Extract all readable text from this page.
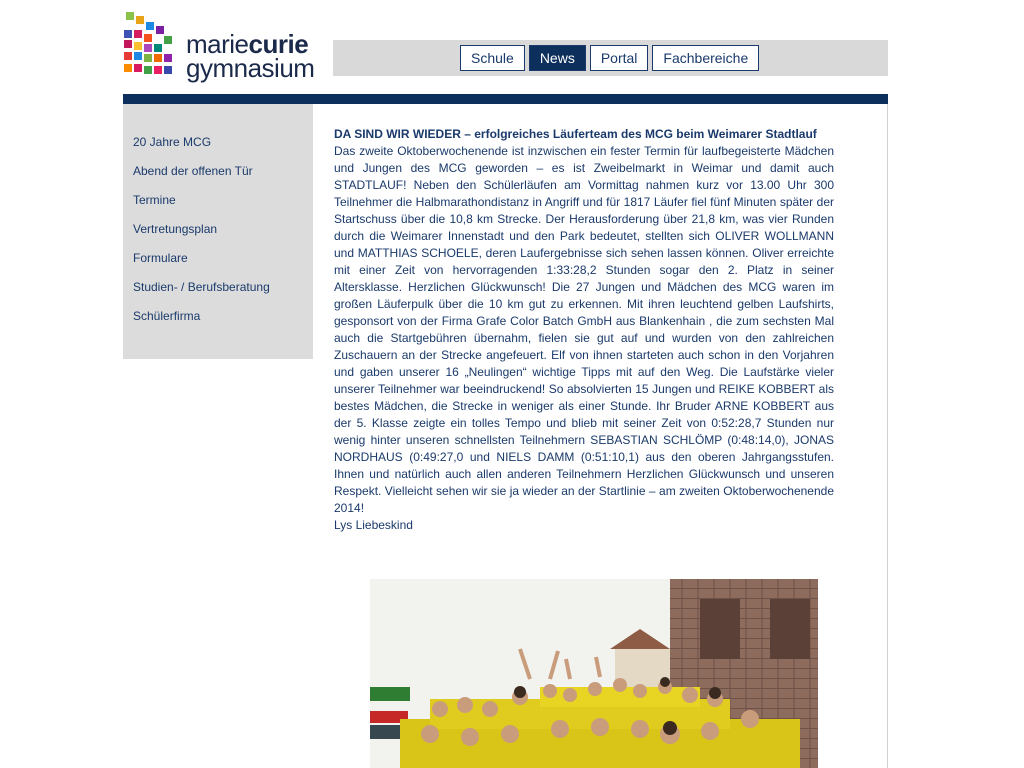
mariecurie
gymnasium	Schule	News	Portal	Fachbereiche
20 Jahre MCG
Abend der offenen Tür
Termine
Vertretungsplan
Formulare
Studien- / Berufsberatung
Schülerfirma
DA SIND WIR WIEDER – erfolgreiches Läuferteam des MCG beim Weimarer Stadtlauf

Das zweite Oktoberwochenende ist inzwischen ein fester Termin für laufbegeisterte Mädchen und Jungen des MCG geworden – es ist Zweibelmarkt in Weimar und damit auch STADTLAUF! Neben den Schülerläufen am Vormittag nahmen kurz vor 13.00 Uhr 300 Teilnehmer die Halbmarathondistanz in Angriff und für 1817 Läufer fiel fünf Minuten später der Startschuss über die 10,8 km Strecke. Der Herausforderung über 21,8 km, was vier Runden durch die Weimarer Innenstadt und den Park bedeutet, stellten sich OLIVER WOLLMANN und MATTHIAS SCHOELE, deren Laufergebnisse sich sehen lassen können. Oliver erreichte mit einer Zeit von hervorragenden 1:33:28,2 Stunden sogar den 2. Platz in seiner Altersklasse. Herzlichen Glückwunsch! Die 27 Jungen und Mädchen des MCG waren im großen Läuferpulk über die 10 km gut zu erkennen. Mit ihren leuchtend gelben Laufshirts, gesponsort von der Firma Grafe Color Batch GmbH aus Blankenhain , die zum sechsten Mal auch die Startgebühren übernahm, fielen sie gut auf und wurden von den zahlreichen Zuschauern an der Strecke angefeuert. Elf von ihnen starteten auch schon in den Vorjahren und gaben unserer 16 „Neulingen“ wichtige Tipps mit auf den Weg. Die Laufstärke vieler unserer Teilnehmer war beeindruckend! So absolvierten 15 Jungen und REIKE KOBBERT als bestes Mädchen, die Strecke in weniger als einer Stunde. Ihr Bruder ARNE KOBBERT aus der 5. Klasse zeigte ein tolles Tempo und blieb mit seiner Zeit von 0:52:28,7 Stunden nur wenig hinter unseren schnellsten Teilnehmern SEBASTIAN SCHLÖMP (0:48:14,0), JONAS NORDHAUS (0:49:27,0 und NIELS DAMM (0:51:10,1) aus den oberen Jahrgangsstufen. Ihnen und natürlich auch allen anderen Teilnehmern Herzlichen Glückwunsch und unseren Respekt. Vielleicht sehen wir sie ja wieder an der Startlinie – am zweiten Oktoberwochenende 2014!

Lys Liebeskind
